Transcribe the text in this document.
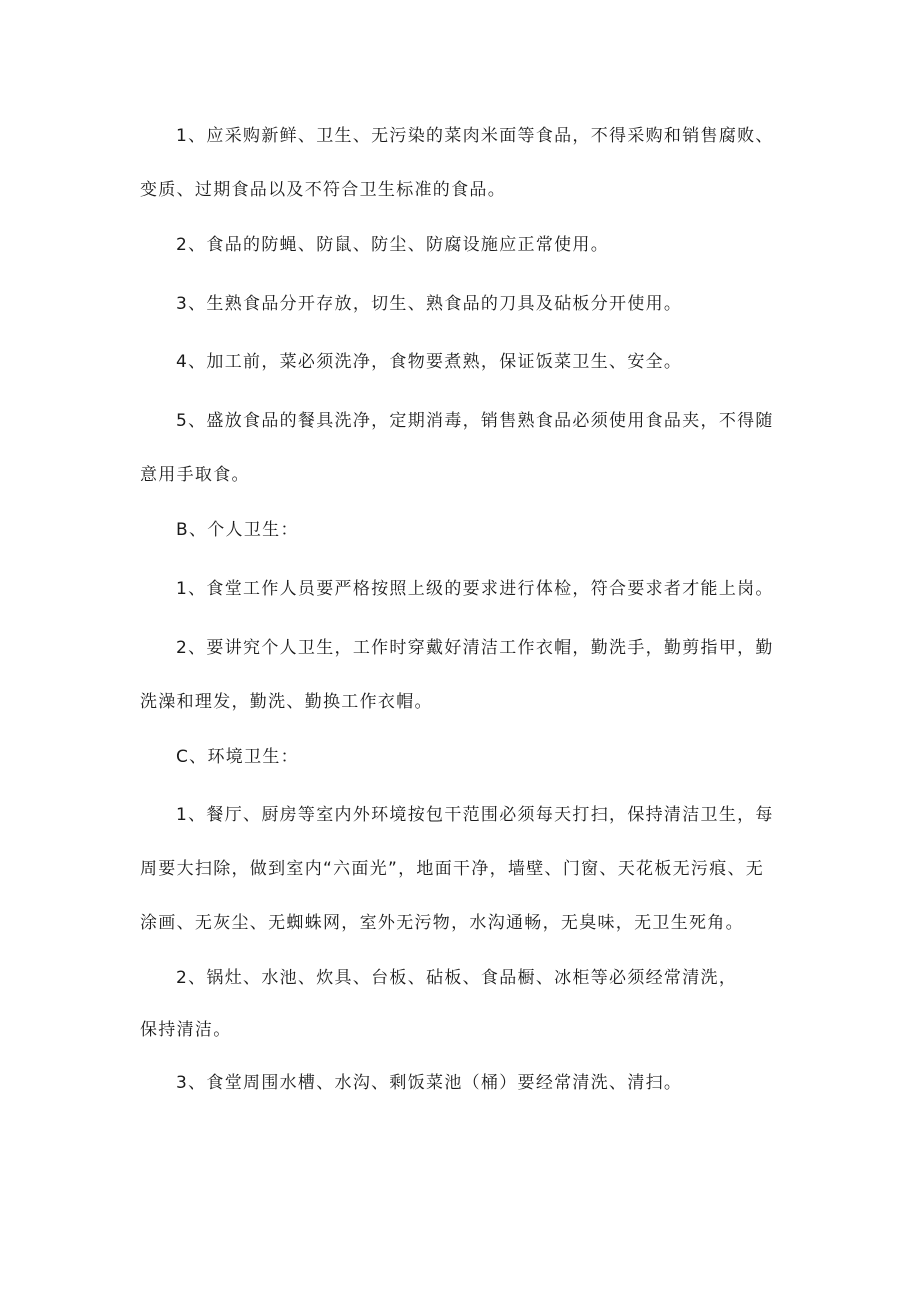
1、应采购新鲜、卫生、无污染的菜肉米面等食品，不得采购和销售腐败、变质、过期食品以及不符合卫生标准的食品。

2、食品的防蝇、防鼠、防尘、防腐设施应正常使用。

3、生熟食品分开存放，切生、熟食品的刀具及砧板分开使用。

4、加工前，菜必须洗净，食物要煮熟，保证饭菜卫生、安全。

5、盛放食品的餐具洗净，定期消毒，销售熟食品必须使用食品夹，不得随意用手取食。

B、个人卫生：

1、食堂工作人员要严格按照上级的要求进行体检，符合要求者才能上岗。

2、要讲究个人卫生，工作时穿戴好清洁工作衣帽，勤洗手，勤剪指甲，勤洗澡和理发，勤洗、勤换工作衣帽。

C、环境卫生：

1、餐厅、厨房等室内外环境按包干范围必须每天打扫，保持清洁卫生，每周要大扫除，做到室内“六面光”，地面干净，墙壁、门窗、天花板无污痕、无涂画、无灰尘、无蜘蛛网，室外无污物，水沟通畅，无臭味，无卫生死角。

2、锅灶、水池、炊具、台板、砧板、食品橱、冰柜等必须经常清洗，
保持清洁。

3、食堂周围水槽、水沟、剩饭菜池（桶）要经常清洗、清扫。
